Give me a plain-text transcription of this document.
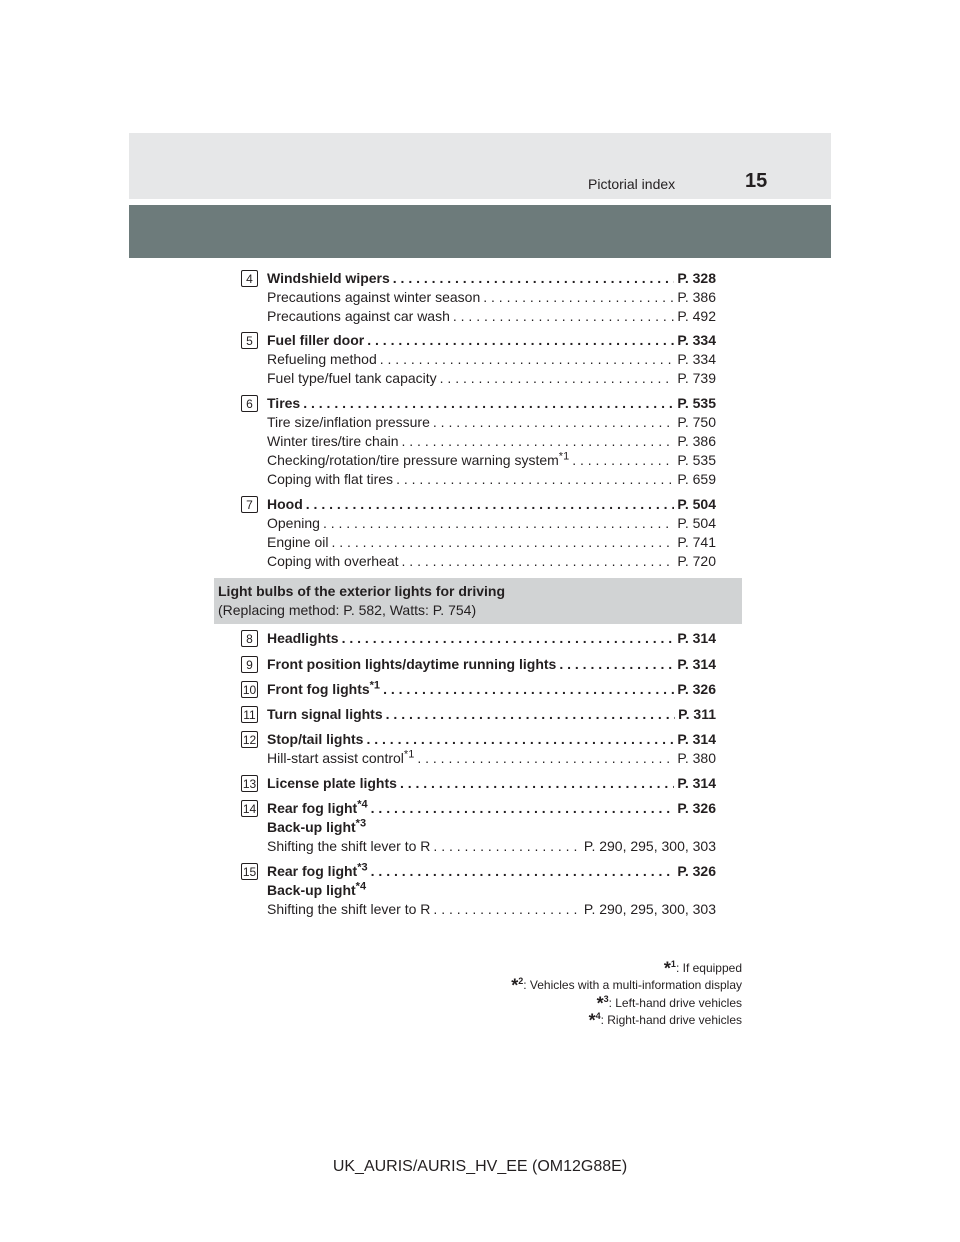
Pictorial index	15
4	Windshield wipers . . .	P. 328
Precautions against winter season . . .	P. 386
Precautions against car wash . . .	P. 492
5	Fuel filler door . . .	P. 334
Refueling method . . .	P. 334
Fuel type/fuel tank capacity . . .	P. 739
6	Tires . . .	P. 535
Tire size/inflation pressure . . .	P. 750
Winter tires/tire chain . . .	P. 386
Checking/rotation/tire pressure warning system$^{*1}$ . . .	P. 535
Coping with flat tires . . .	P. 659
7	Hood . . .	P. 504
Opening . . .	P. 504
Engine oil . . .	P. 741
Coping with overheat . . .	P. 720
Light bulbs of the exterior lights for driving
(Replacing method: P. 582, Watts: P. 754)
8	Headlights . . .	P. 314
9	Front position lights/daytime running lights . . .	P. 314
10 Front fog lights$^{*1}$ . . .	P. 326
11 Turn signal lights . . .	P. 311
12 Stop/tail lights . . .	P. 314
Hill-start assist control$^{*1}$ . . .	P. 380
13 License plate lights . . .	P. 314
14 Rear fog light$^{*4}$ . . .	P. 326
Back-up light$^{*3}$
Shifting the shift lever to R . . .	P. 290, 295, 300, 303
15 Rear fog light$^{*3}$ . . .	P. 326
Back-up light$^{*4}$
Shifting the shift lever to R . . .	P. 290, 295, 300, 303
*$^1$: If equipped
*$^2$: Vehicles with a multi-information display
*$^3$: Left-hand drive vehicles
*$^4$: Right-hand drive vehicles
UK_AURIS/AURIS_HV_EE (OM12G88E)
